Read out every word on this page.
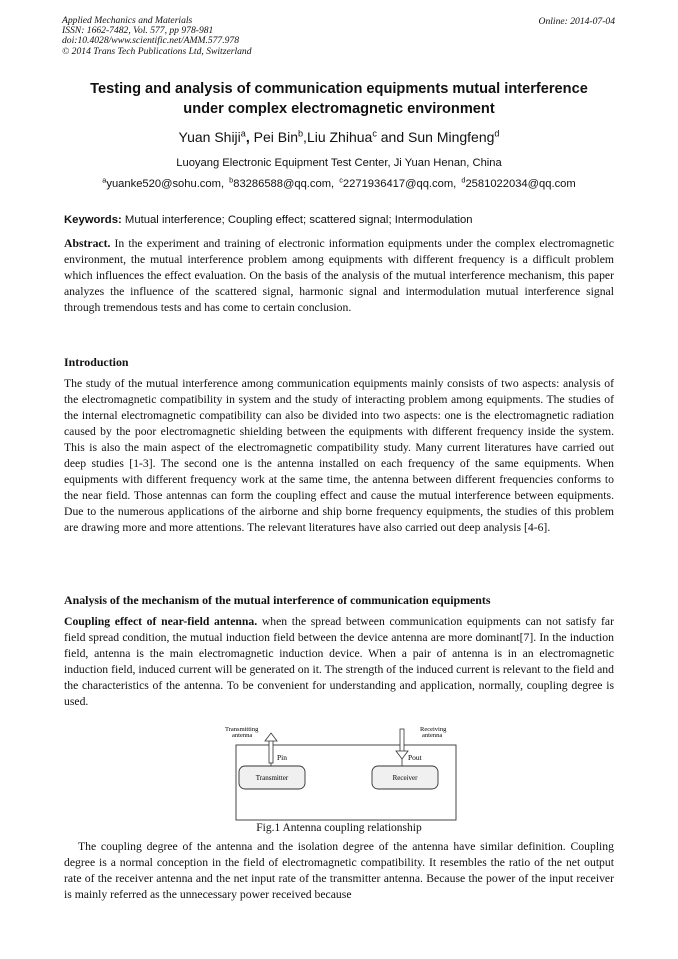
Applied Mechanics and Materials
ISSN: 1662-7482, Vol. 577, pp 978-981
doi:10.4028/www.scientific.net/AMM.577.978
© 2014 Trans Tech Publications Ltd, Switzerland
Online: 2014-07-04
Testing and analysis of communication equipments mutual interference
under complex electromagnetic environment
Yuan Shiji$^a$, Pei Bin$^b$,Liu Zhihua$^c$ and Sun Mingfeng$^d$
Luoyang Electronic Equipment Test Center, Ji Yuan Henan, China
$^a$yuanke520@sohu.com, $^b$83286588@qq.com, $^c$2271936417@qq.com, $^d$2581022034@qq.com
Keywords: Mutual interference; Coupling effect; scattered signal; Intermodulation
Abstract. In the experiment and training of electronic information equipments under the complex electromagnetic environment, the mutual interference problem among equipments with different frequency is a difficult problem which influences the effect evaluation. On the basis of the analysis of the mutual interference mechanism, this paper analyzes the influence of the scattered signal, harmonic signal and intermodulation mutual interference signal through tremendous tests and has come to certain conclusion.
Introduction
The study of the mutual interference among communication equipments mainly consists of two aspects: analysis of the electromagnetic compatibility in system and the study of interacting problem among equipments. The studies of the internal electromagnetic compatibility can also be divided into two aspects: one is the electromagnetic radiation caused by the poor electromagnetic shielding between the equipments with different frequency inside the system. This is also the main aspect of the electromagnetic compatibility study. Many current literatures have carried out deep studies [1-3]. The second one is the antenna installed on each frequency of the same equipments. When equipments with different frequency work at the same time, the antenna between different frequencies conforms to the near field. Those antennas can form the coupling effect and cause the mutual interference between equipments. Due to the numerous applications of the airborne and ship borne frequency equipments, the studies of this problem are drawing more and more attentions. The relevant literatures have also carried out deep analysis [4-6].
Analysis of the mechanism of the mutual interference of communication equipments
Coupling effect of near-field antenna. when the spread between communication equipments can not satisfy far field spread condition, the mutual induction field between the device antenna are more dominant[7]. In the induction field, antenna is the main electromagnetic induction device. When a pair of antenna is in an electromagnetic induction field, induced current will be generated on it. The strength of the induced current is relevant to the field and the characteristics of the antenna. To be convenient for understanding and application, normally, coupling degree is used.
Transmitting
antenna
Receiving
antenna
Pin	Pout
Transmitter	Receiver
Fig.1 Antenna coupling relationship
The coupling degree of the antenna and the isolation degree of the antenna have similar definition. Coupling degree is a normal conception in the field of electromagnetic compatibility. It resembles the ratio of the net output rate of the receiver antenna and the net input rate of the transmitter antenna. Because the power of the input receiver is mainly referred as the unnecessary power received because
